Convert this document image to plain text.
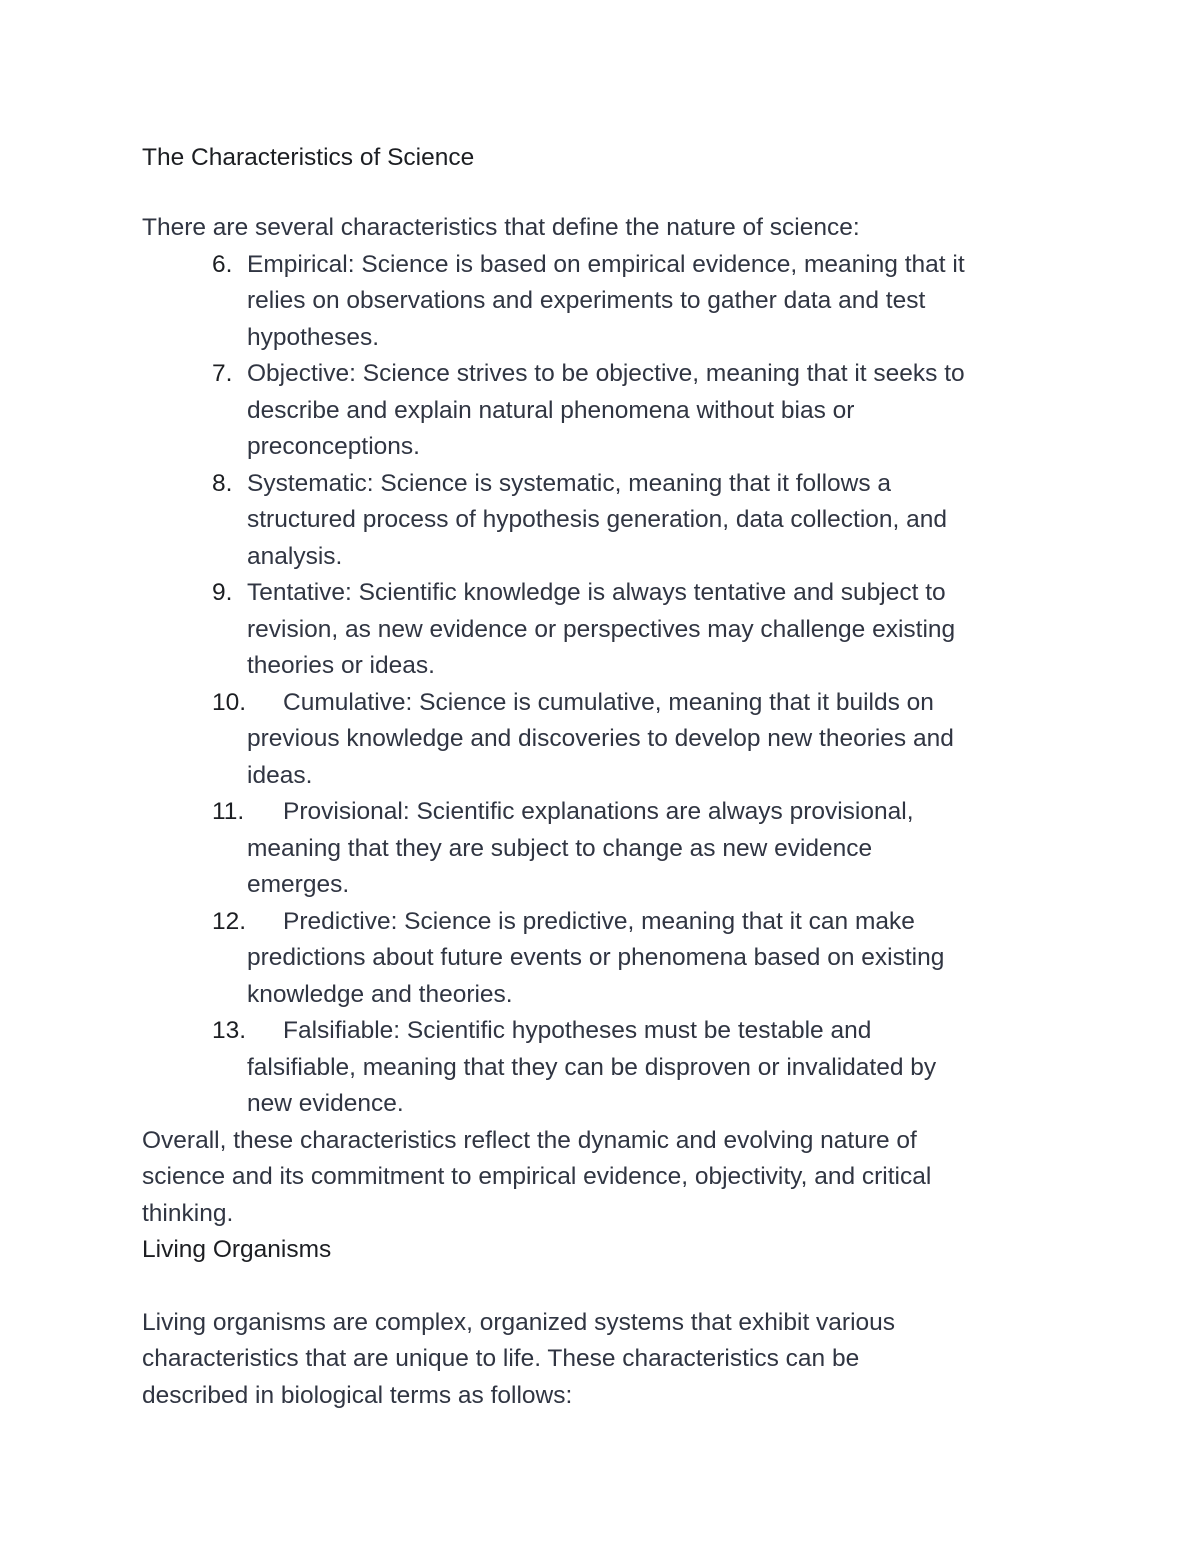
The Characteristics of Science

There are several characteristics that define the nature of science:

6. Empirical: Science is based on empirical evidence, meaning that it
relies on observations and experiments to gather data and test
hypotheses.
7. Objective: Science strives to be objective, meaning that it seeks to
describe and explain natural phenomena without bias or
preconceptions.
8. Systematic: Science is systematic, meaning that it follows a
structured process of hypothesis generation, data collection, and
analysis.
9. Tentative: Scientific knowledge is always tentative and subject to
revision, as new evidence or perspectives may challenge existing
theories or ideas.
10.	Cumulative: Science is cumulative, meaning that it builds on
previous knowledge and discoveries to develop new theories and
ideas.
11.	Provisional: Scientific explanations are always provisional,
meaning that they are subject to change as new evidence
emerges.
12.	Predictive: Science is predictive, meaning that it can make
predictions about future events or phenomena based on existing
knowledge and theories.
13.	Falsifiable: Scientific hypotheses must be testable and
falsifiable, meaning that they can be disproven or invalidated by
new evidence.

Overall, these characteristics reflect the dynamic and evolving nature of

science and its commitment to empirical evidence, objectivity, and critical

thinking.

Living Organisms

Living organisms are complex, organized systems that exhibit various

characteristics that are unique to life. These characteristics can be

described in biological terms as follows:
